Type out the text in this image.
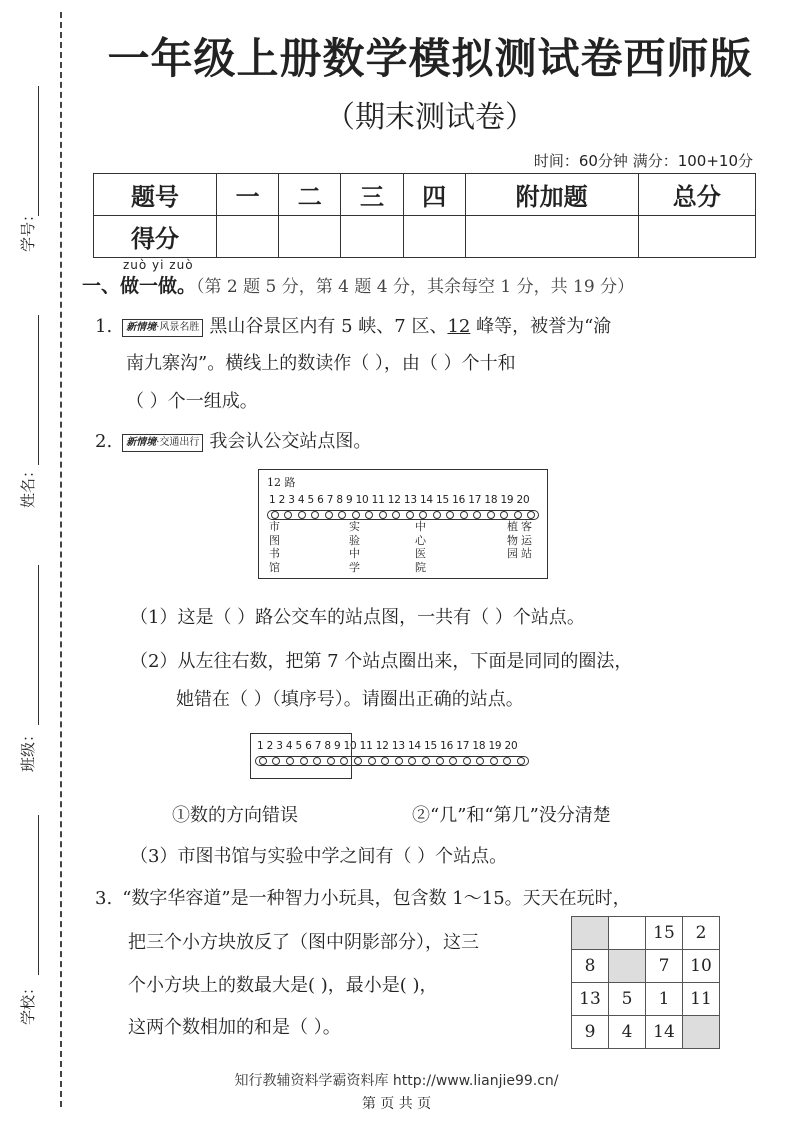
学号：
姓名：
班级：
学校：
一年级上册数学模拟测试卷西师版
（期末测试卷）
时间：60分钟 满分：100+10分
题号	一	二	三	四	附加题	总分
得分						
zuò yi zuò
一、做一做。（第 2 题 5 分，第 4 题 4 分，其余每空 1 分，共 19 分）
1. 新情境·风景名胜 黑山谷景区内有 5 峡、7 区、12 峰等，被誉为“渝
南九寨沟”。横线上的数读作（ ），由（ ）个十和
（ ）个一组成。
2. 新情境·交通出行 我会认公交站点图。
12 路
1 2 3 4 5 6 7 8 9 10 11 12 13 14 15 16 17 18 19 20
市图书馆
实验中学
中心医院
植物园
客运站
（1）这是（ ）路公交车的站点图，一共有（ ）个站点。
（2）从左往右数，把第 7 个站点圈出来，下面是同同的圈法，
她错在（ ）（填序号）。请圈出正确的站点。
1 2 3 4 5 6 7 8 9 10 11 12 13 14 15 16 17 18 19 20
①数的方向错误	②“几”和“第几”没分清楚
（3）市图书馆与实验中学之间有（ ）个站点。
3. “数字华容道”是一种智力小玩具，包含数 1～15。天天在玩时，
把三个小方块放反了（图中阴影部分），这三
个小方块上的数最大是( )，最小是( )，
这两个数相加的和是（ ）。
		15	2
8		7	10
13	5	1	11
9	4	14	
知行教辅资料学霸资料库 http://www.lianjie99.cn/
第 页 共 页
